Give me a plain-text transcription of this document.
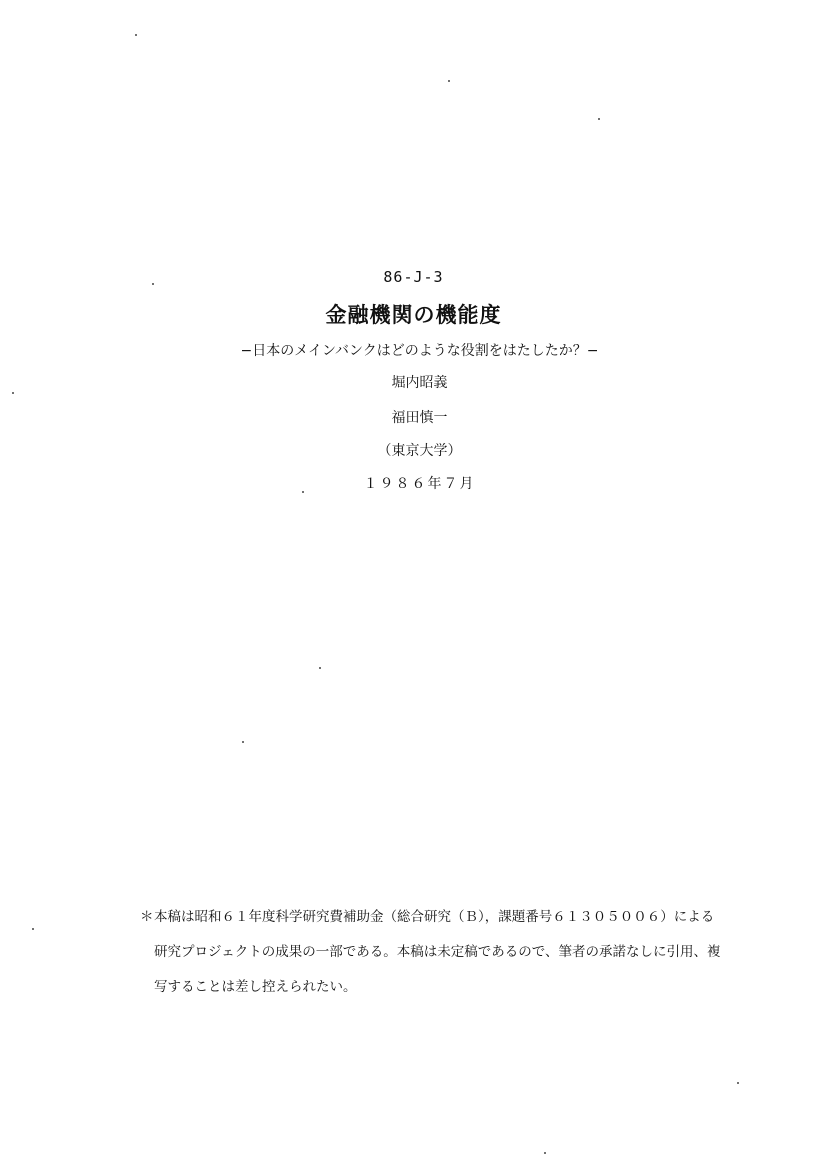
86-J-3
金融機関の機能度
−日本のメインバンクはどのような役割をはたしたか？−
堀内昭義
福田慎一
（東京大学）
１９８６年７月
＊本稿は昭和６１年度科学研究費補助金（総合研究（Ｂ），課題番号６１３０５００６）による
研究プロジェクトの成果の一部である。本稿は未定稿であるので、筆者の承諾なしに引用、複
写することは差し控えられたい。
